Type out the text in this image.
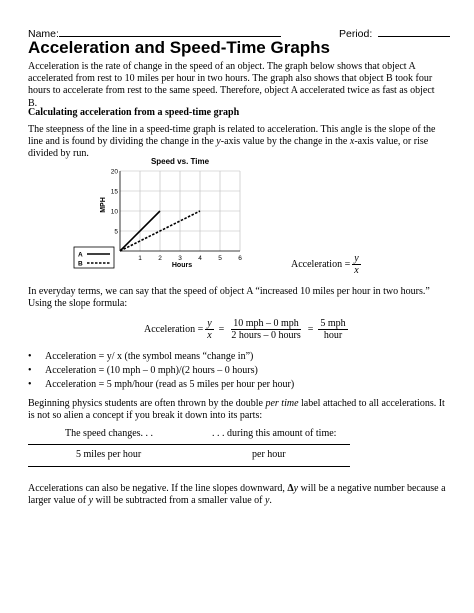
Name:	Period:
Acceleration and Speed-Time Graphs

Acceleration is the rate of change in the speed of an object. The graph below shows that object A accelerated from rest to 10 miles per hour in two hours. The graph also shows that object B took four hours to accelerate from rest to the same speed. Therefore, object A accelerated twice as fast as object B.

Calculating acceleration from a speed-time graph

The steepness of the line in a speed-time graph is related to acceleration. This angle is the slope of the line and is found by dividing the change in the y-axis value by the change in the x-axis value, or rise divided by run.

Speed vs. Time
1	2	3	4	5	6
5
10
15
20
MPH
Hours
A
B	Acceleration = $\frac{y}{x}$

In everyday terms, we can say that the speed of object A “increased 10 miles per hour in two hours.” Using the slope formula:

Acceleration = $\frac{y}{x} = \frac{\text{10 mph – 0 mph}}{\text{2 hours – 0 hours}} = \frac{\text{5 mph}}{\text{hour}}$
• Acceleration = y/ x (the symbol means “change in”)
• Acceleration = (10 mph – 0 mph)/(2 hours – 0 hours)
• Acceleration = 5 mph/hour (read as 5 miles per hour per hour)

Beginning physics students are often thrown by the double per time label attached to all accelerations. It is not so alien a concept if you break it down into its parts:

The speed changes. . .	. . . during this amount of time:
5 miles per hour	per hour

Accelerations can also be negative. If the line slopes downward, Δy will be a negative number because a larger value of y will be subtracted from a smaller value of y.
